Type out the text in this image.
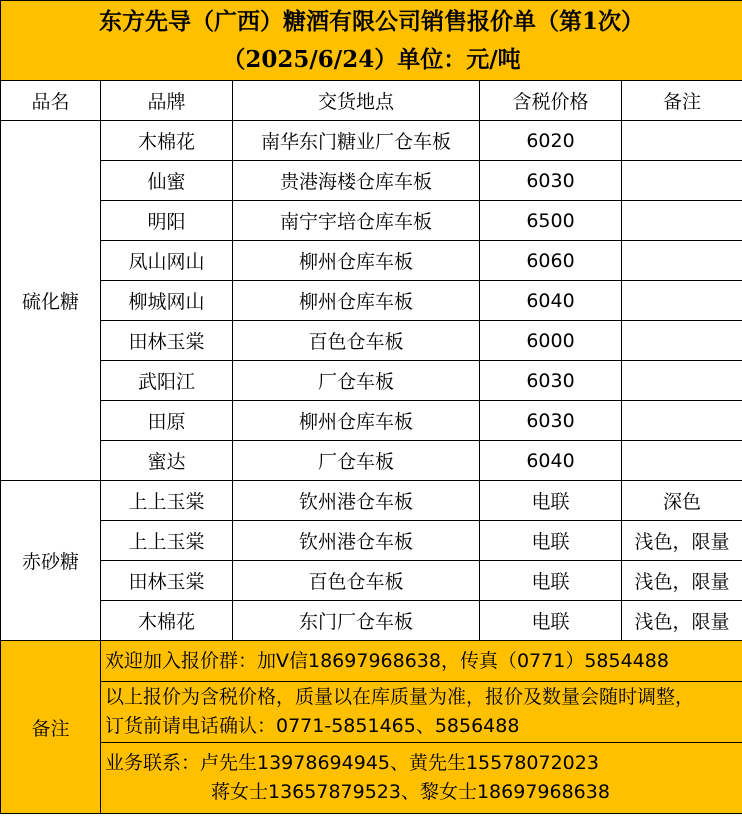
东方先导（广西）糖酒有限公司销售报价单（第1次）
（2025/6/24）单位：元/吨				

品名	品牌	交货地点	含税价格	备注
硫化糖	木棉花	南华东门糖业厂仓车板	6020	
	仙蜜	贵港海楼仓库车板	6030	
	明阳	南宁宇培仓库车板	6500	
	凤山网山	柳州仓库车板	6060	
	柳城网山	柳州仓库车板	6040	
	田林玉棠	百色仓车板	6000	
	武阳江	厂仓车板	6030	
	田原	柳州仓库车板	6030	
	蜜达	厂仓车板	6040	
赤砂糖	上上玉棠	钦州港仓车板	电联	深色
	上上玉棠	钦州港仓车板	电联	浅色，限量
	田林玉棠	百色仓车板	电联	浅色，限量
	木棉花	东门厂仓车板	电联	浅色，限量
备注	欢迎加入报价群：加V信18697968638，传真（0771）5854488			

	以上报价为含税价格，质量以在库质量为准，报价及数量会随时调整，
订货前请电话确认：0771-5851465、5856488			

	业务联系：卢先生13978694945、黄先生15578072023
蒋女士13657879523、黎女士18697968638			
